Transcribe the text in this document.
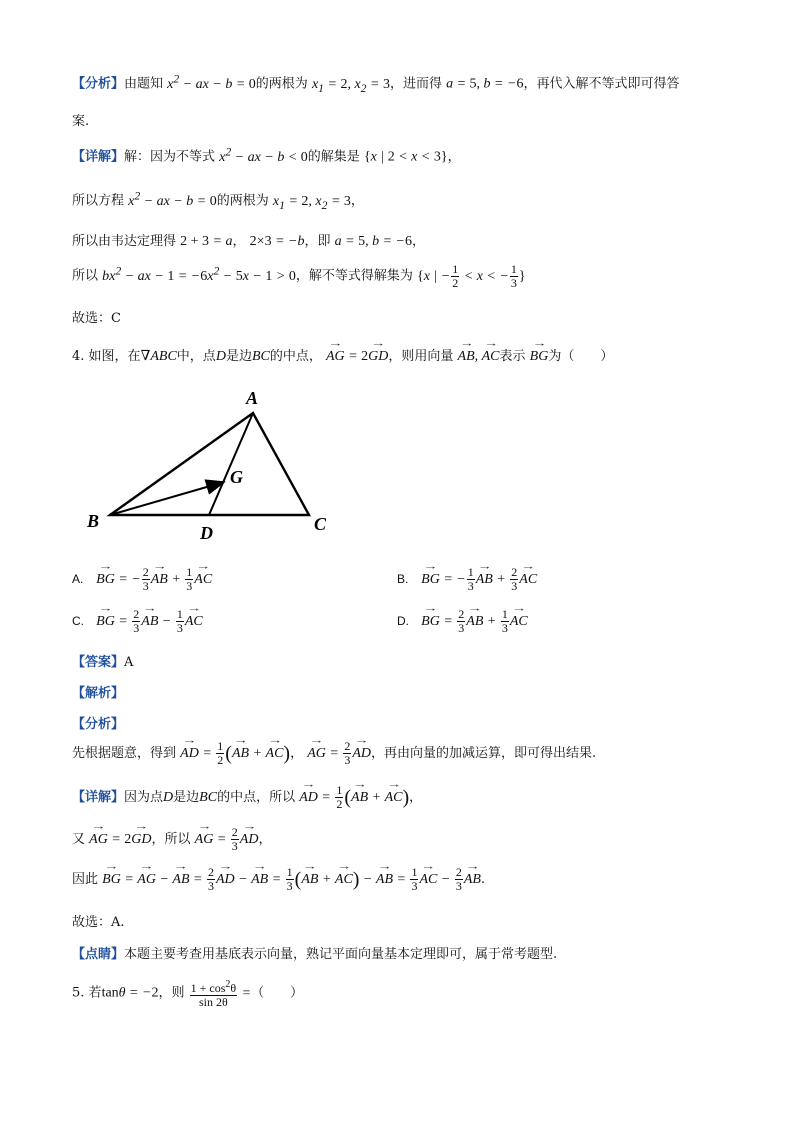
【分析】由题知 $x^2$ − ax − b = 0的两根为 $x_1 = 2$, $x_2 = 3$，进而得 a = 5, b = −6，再代入解不等式即可得答
案.
【详解】解：因为不等式 $x^2$ − ax − b < 0的解集是 {x | 2 < x < 3}，
所以方程 $x^2$ − ax − b = 0的两根为 $x_1 = 2$, $x_2 = 3$，
所以由韦达定理得 2 + 3 = a， 2×3 = −b，即 a = 5, b = −6，
所以 $bx^2$ − ax − $1 = -6x^2 - 5x - 1 > 0$，解不等式得解集为 {x | − $\frac{1}{2} < x$ < − $\frac{1}{3}$ }
故选：C
4. 如图，在∇ABC中，点D是边BC的中点， → AG = 2→ GD，则用向量 → AB, → AC表示 → BG为（　　）
A
B	C
D
G
A. → BG = − $\frac{2}{3}$ → AB + $\frac{1}{3}$ → AC	B. → BG = − $\frac{1}{3}$ → AB + $\frac{2}{3}$ → AC
C. → BG = $\frac{2}{3}$ → AB − $\frac{1}{3}$ → AC	D. → BG = $\frac{2}{3}$ → AB + $\frac{1}{3}$ → AC
【答案】A
【解析】
【分析】
先根据题意，得到 → AD = $\frac{1}{2}$ (→ AB + → AC)， → AG = $\frac{2}{3}$ → AD，再由向量的加减运算，即可得出结果.
【详解】因为点D是边BC的中点，所以 → AD = $\frac{1}{2}$ (→ AB + → AC)，
又 → AG = 2→ GD，所以 → AG = $\frac{2}{3}$ → AD，
因此 → BG = → AG − → AB = $\frac{2}{3}$ → AD − → AB = $\frac{1}{3}$ (→ AB + → AC) − → AB = $\frac{1}{3}$ → AC − $\frac{2}{3}$ → AB.
故选：A.
【点睛】本题主要考查用基底表示向量，熟记平面向量基本定理即可，属于常考题型.
5. 若tanθ = −2，则 $\frac{1 + \cos^2\theta}{\sin 2\theta}$ =（　　）
